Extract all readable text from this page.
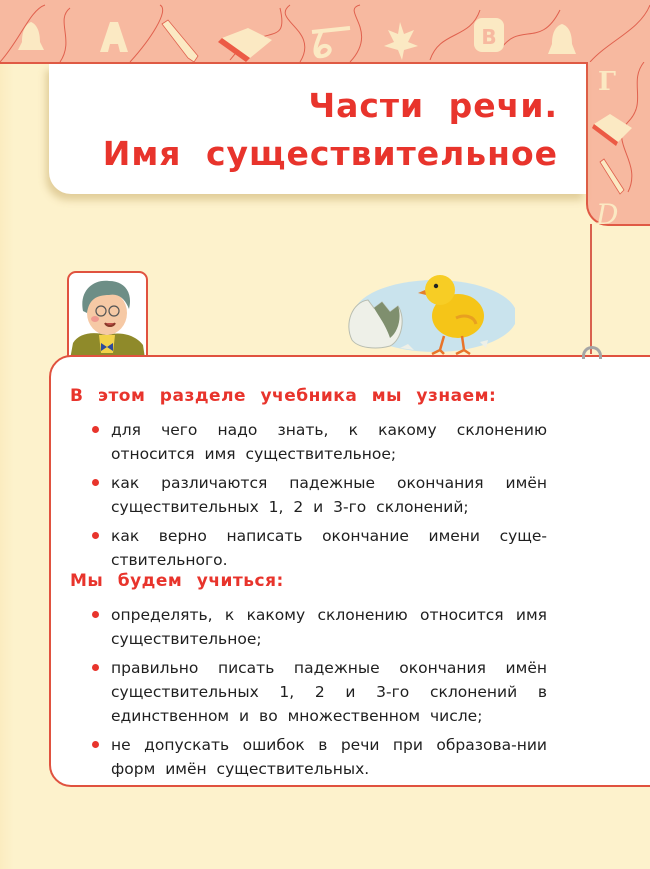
В
Г
D
Части речи.
Имя существительное
В этом разделе учебника мы узнаем:
для чего надо знать, к какому склонению относится имя существительное;
как различаются падежные окончания имён существительных 1, 2 и 3-го склонений;
как верно написать окончание имени суще-ствительного.
Мы будем учиться:
определять, к какому склонению относится имя существительное;
правильно писать падежные окончания имён существительных 1, 2 и 3-го склонений в единственном и во множественном числе;
не допускать ошибок в речи при образова-нии форм имён существительных.
